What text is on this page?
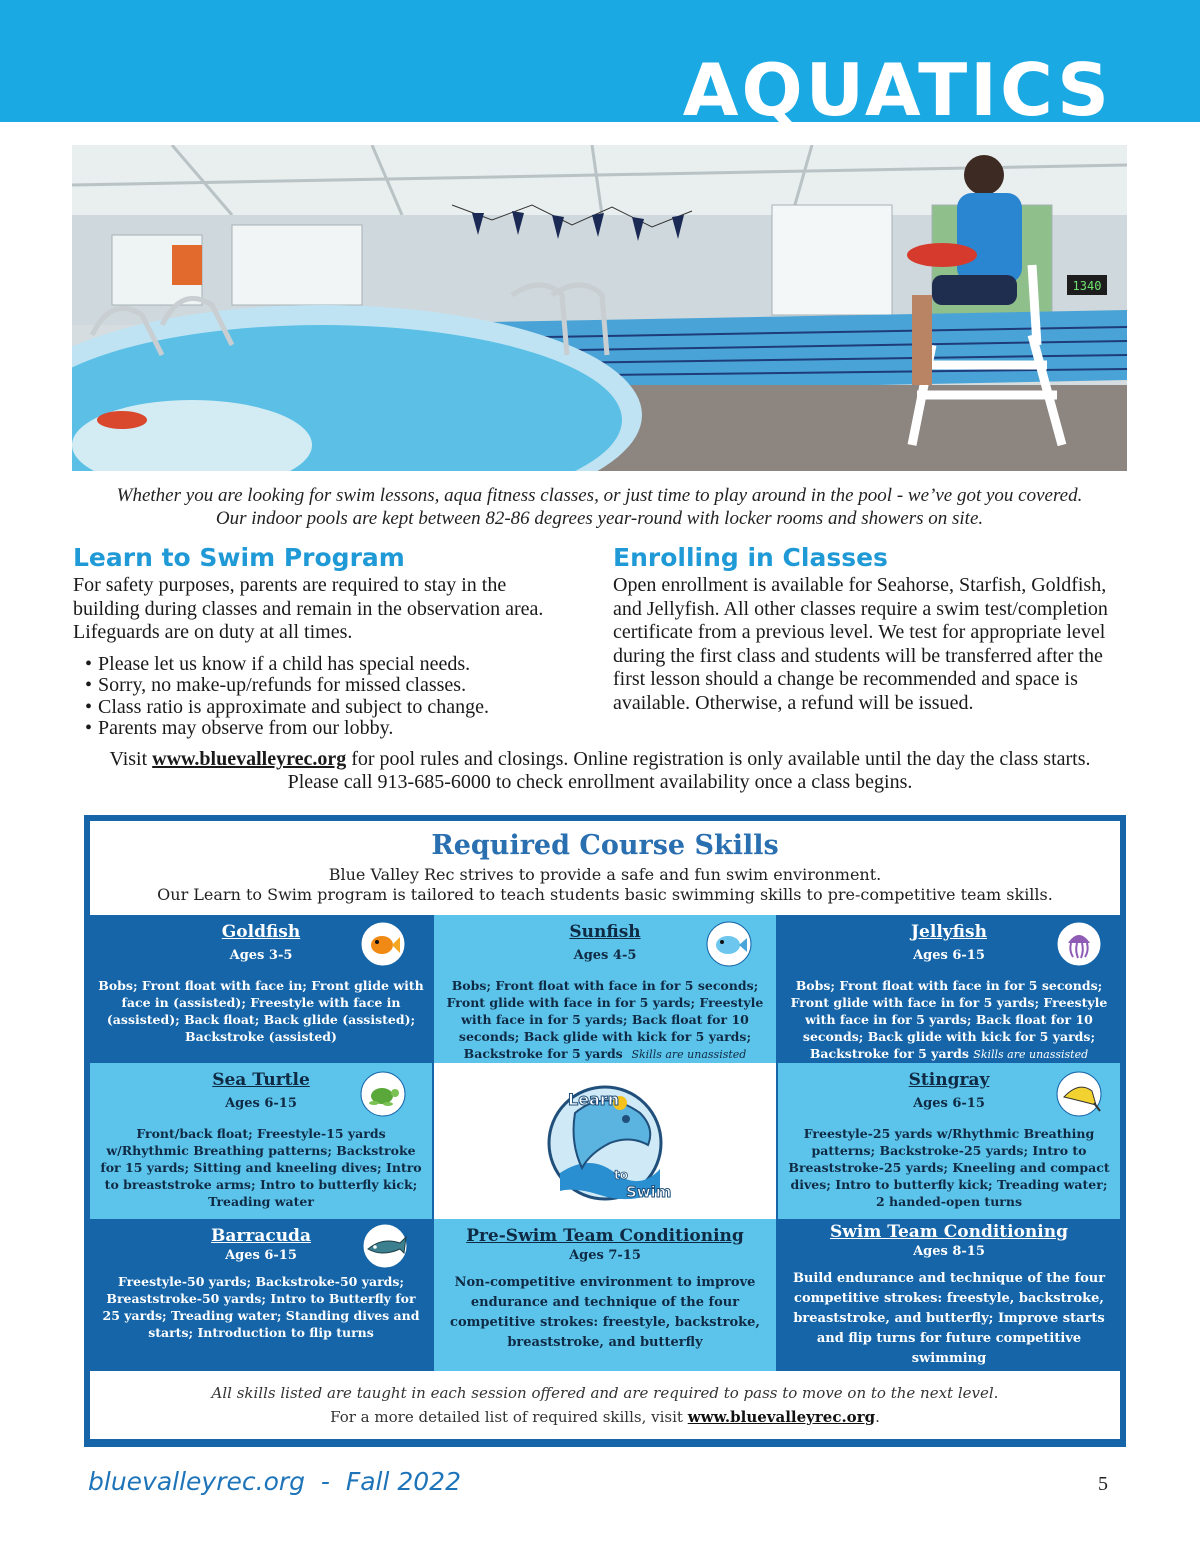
AQUATICS
1340
Whether you are looking for swim lessons, aqua fitness classes, or just time to play around in the pool - we’ve got you covered.
Our indoor pools are kept between 82-86 degrees year-round with locker rooms and showers on site.
Learn to Swim Program
For safety purposes, parents are required to stay in the building during classes and remain in the observation area. Lifeguards are on duty at all times.
• Please let us know if a child has special needs.
• Sorry, no make-up/refunds for missed classes.
• Class ratio is approximate and subject to change.
• Parents may observe from our lobby.
Enrolling in Classes
Open enrollment is available for Seahorse, Starfish, Goldfish, and Jellyfish. All other classes require a swim test/completion certificate from a previous level. We test for appropriate level during the first class and students will be transferred after the first lesson should a change be recommended and space is available. Otherwise, a refund will be issued.
Visit www.bluevalleyrec.org for pool rules and closings. Online registration is only available until the day the class starts.
Please call 913-685-6000 to check enrollment availability once a class begins.
Required Course Skills
Blue Valley Rec strives to provide a safe and fun swim environment.
Our Learn to Swim program is tailored to teach students basic swimming skills to pre-competitive team skills.
Goldfish
Ages 3-5
Bobs; Front float with face in; Front glide with face in (assisted); Freestyle with face in (assisted); Back float; Back glide (assisted); Backstroke (assisted)
Sunfish
Ages 4-5
Bobs; Front float with face in for 5 seconds; Front glide with face in for 5 yards; Freestyle with face in for 5 yards; Back float for 10 seconds; Back glide with kick for 5 yards; Backstroke for 5 yards Skills are unassisted
Jellyfish
Ages 6-15
Bobs; Front float with face in for 5 seconds; Front glide with face in for 5 yards; Freestyle with face in for 5 yards; Back float for 10 seconds; Back glide with kick for 5 yards; Backstroke for 5 yards Skills are unassisted
Sea Turtle
Ages 6-15
Front/back float; Freestyle-15 yards w/Rhythmic Breathing patterns; Backstroke for 15 yards; Sitting and kneeling dives; Intro to breaststroke arms; Intro to butterfly kick; Treading water
Learn
to
Swim
Stingray
Ages 6-15
Freestyle-25 yards w/Rhythmic Breathing patterns; Backstroke-25 yards; Intro to Breaststroke-25 yards; Kneeling and compact dives; Intro to butterfly kick; Treading water; 2 handed-open turns
Barracuda
Ages 6-15
Freestyle-50 yards; Backstroke-50 yards; Breaststroke-50 yards; Intro to Butterfly for 25 yards; Treading water; Standing dives and starts; Introduction to flip turns
Pre-Swim Team Conditioning
Ages 7-15
Non-competitive environment to improve endurance and technique of the four competitive strokes: freestyle, backstroke, breaststroke, and butterfly
Swim Team Conditioning
Ages 8-15
Build endurance and technique of the four competitive strokes: freestyle, backstroke, breaststroke, and butterfly; Improve starts and flip turns for future competitive swimming
All skills listed are taught in each session offered and are required to pass to move on to the next level.
For a more detailed list of required skills, visit www.bluevalleyrec.org.
bluevalleyrec.org  -  Fall 2022	5
